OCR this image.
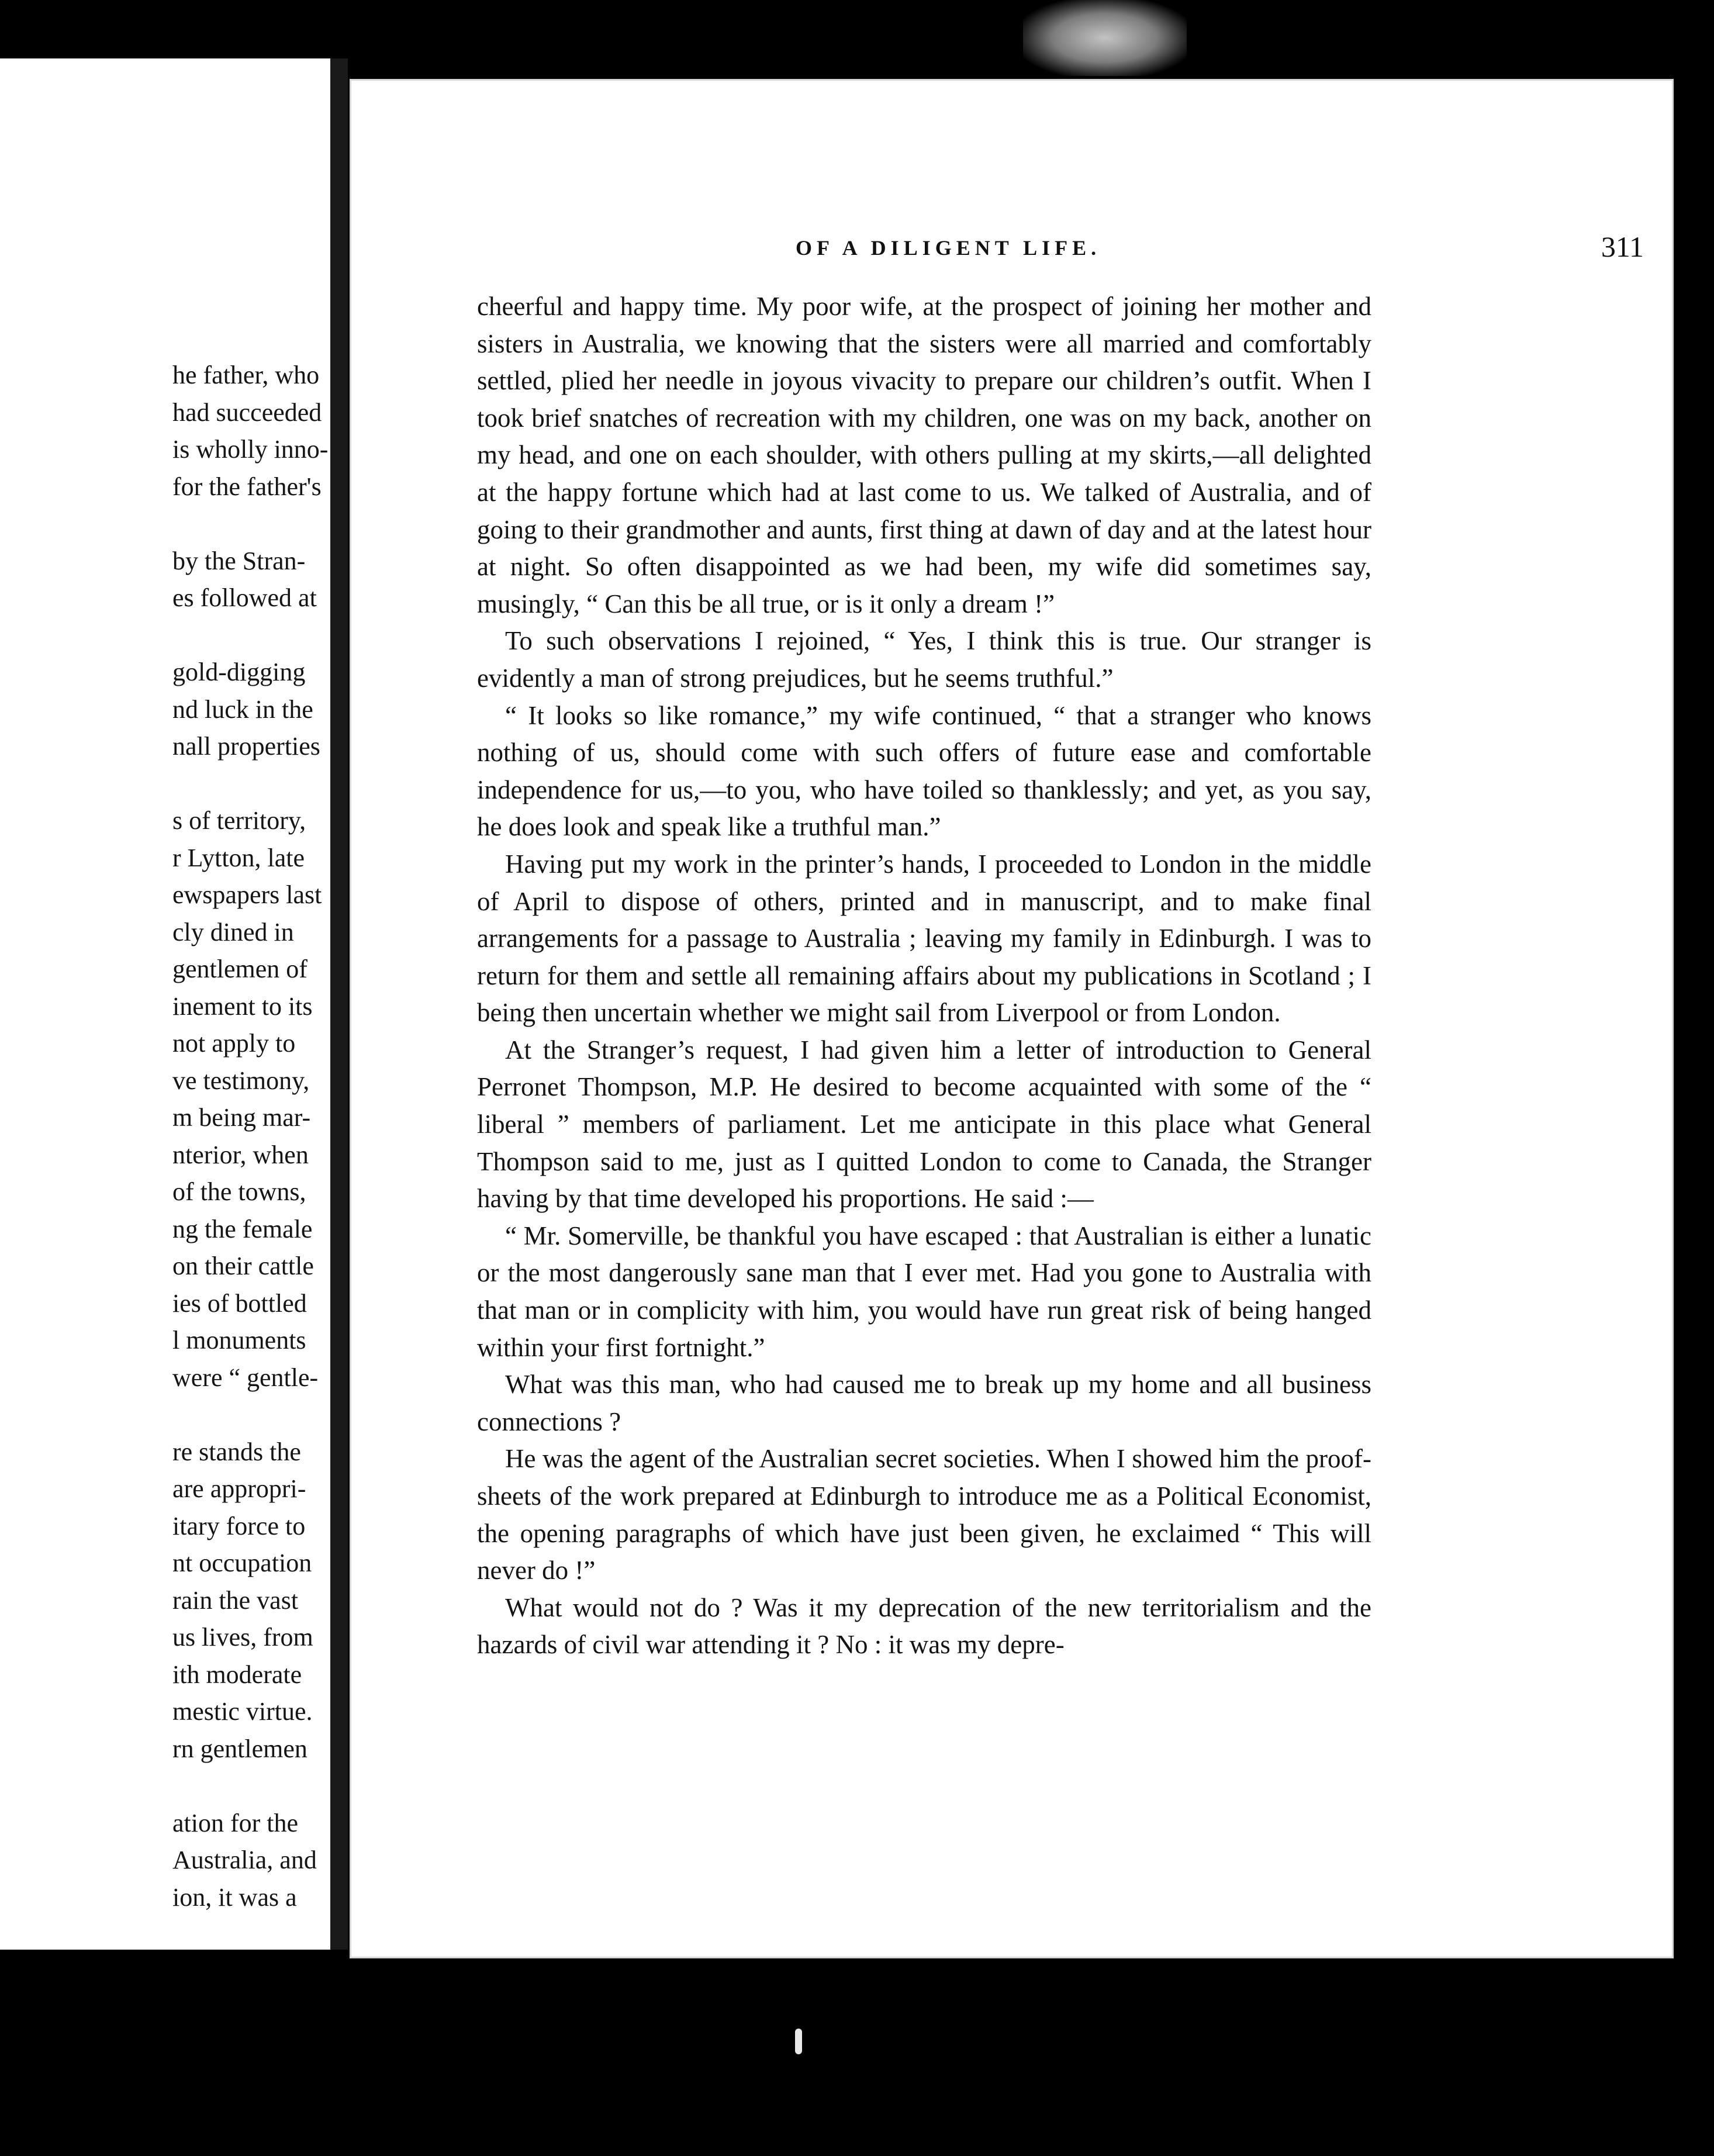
he father, who
had succeeded
is wholly inno-
for the father's
by the Stran-
es followed at
gold-digging
nd luck in the
nall properties
s of territory,
r Lytton, late
ewspapers last
cly dined in
gentlemen of
inement to its
not apply to
ve testimony,
m being mar-
nterior, when
of the towns,
ng the female
on their cattle
ies of bottled
l monuments
were “ gentle-
re stands the
are appropri-
itary force to
nt occupation
rain the vast
us lives, from
ith moderate
mestic virtue.
rn gentlemen
ation for the
Australia, and
ion, it was a
OF A DILIGENT LIFE.	311

cheerful and happy time. My poor wife, at the prospect of joining her mother and sisters in Australia, we knowing that the sisters were all married and comfortably settled, plied her needle in joyous vivacity to prepare our children’s outfit. When I took brief snatches of recreation with my children, one was on my back, another on my head, and one on each shoulder, with others pulling at my skirts,—all delighted at the happy fortune which had at last come to us. We talked of Australia, and of going to their grandmother and aunts, first thing at dawn of day and at the latest hour at night. So often disappointed as we had been, my wife did sometimes say, musingly, “ Can this be all true, or is it only a dream !”

To such observations I rejoined, “ Yes, I think this is true. Our stranger is evidently a man of strong prejudices, but he seems truthful.”

“ It looks so like romance,” my wife continued, “ that a stranger who knows nothing of us, should come with such offers of future ease and comfortable independence for us,—to you, who have toiled so thanklessly; and yet, as you say, he does look and speak like a truthful man.”

Having put my work in the printer’s hands, I proceeded to London in the middle of April to dispose of others, printed and in manuscript, and to make final arrangements for a passage to Australia ; leaving my family in Edinburgh. I was to return for them and settle all remaining affairs about my publications in Scotland ; I being then uncertain whether we might sail from Liverpool or from London.

At the Stranger’s request, I had given him a letter of introduction to General Perronet Thompson, M.P. He desired to become acquainted with some of the “ liberal ” members of parliament. Let me anticipate in this place what General Thompson said to me, just as I quitted London to come to Canada, the Stranger having by that time developed his proportions. He said :—

“ Mr. Somerville, be thankful you have escaped : that Australian is either a lunatic or the most dangerously sane man that I ever met. Had you gone to Australia with that man or in complicity with him, you would have run great risk of being hanged within your first fortnight.”

What was this man, who had caused me to break up my home and all business connections ?

He was the agent of the Australian secret societies. When I showed him the proof-sheets of the work prepared at Edinburgh to introduce me as a Political Economist, the opening paragraphs of which have just been given, he exclaimed “ This will never do !”

What would not do ? Was it my deprecation of the new territorialism and the hazards of civil war attending it ? No : it was my depre-
